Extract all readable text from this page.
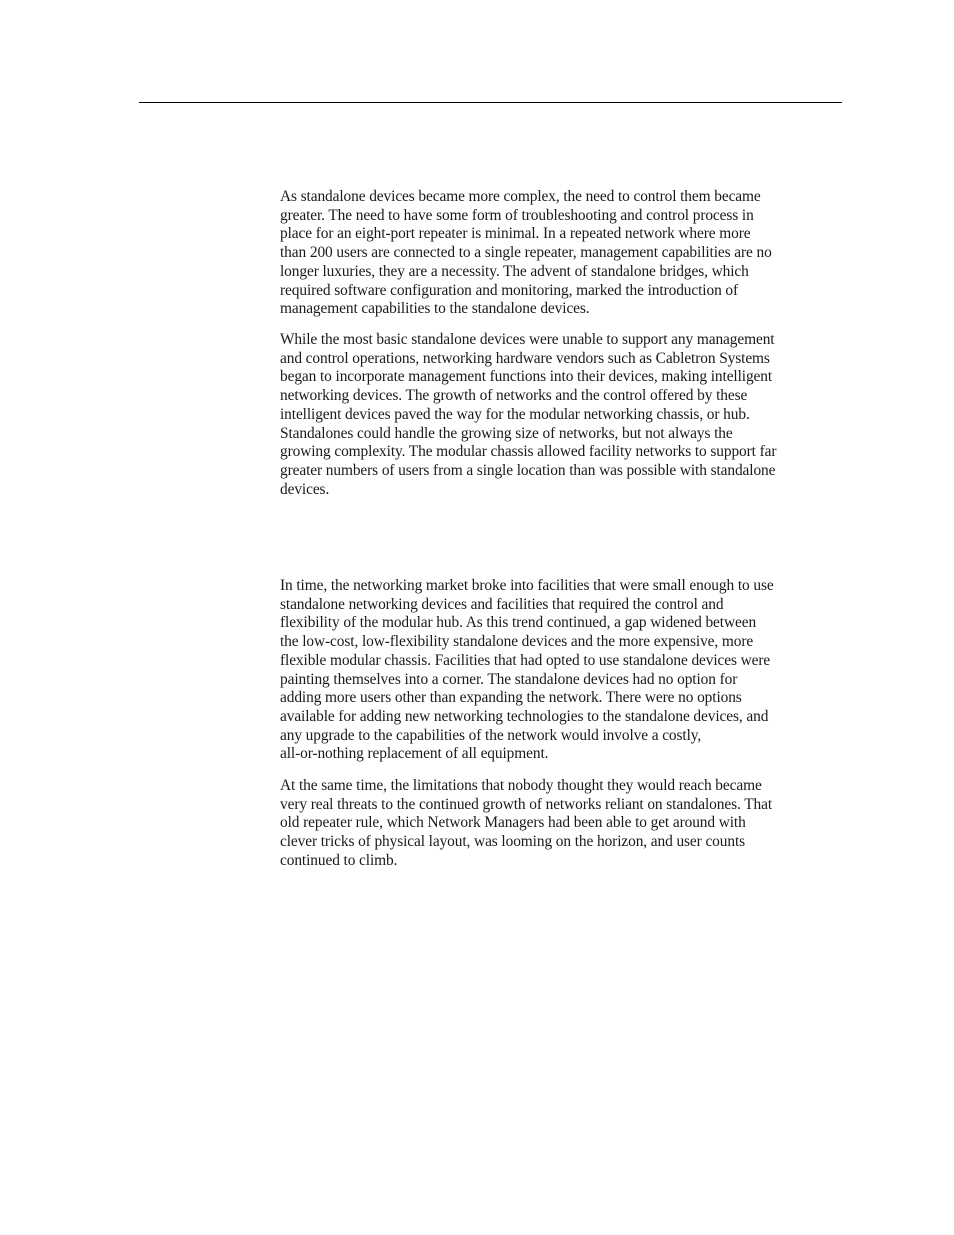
As standalone devices became more complex, the need to control them became
greater. The need to have some form of troubleshooting and control process in
place for an eight-port repeater is minimal. In a repeated network where more
than 200 users are connected to a single repeater, management capabilities are no
longer luxuries, they are a necessity. The advent of standalone bridges, which
required software configuration and monitoring, marked the introduction of
management capabilities to the standalone devices.

While the most basic standalone devices were unable to support any management
and control operations, networking hardware vendors such as Cabletron Systems
began to incorporate management functions into their devices, making intelligent
networking devices. The growth of networks and the control offered by these
intelligent devices paved the way for the modular networking chassis, or hub.
Standalones could handle the growing size of networks, but not always the
growing complexity. The modular chassis allowed facility networks to support far
greater numbers of users from a single location than was possible with standalone
devices.

In time, the networking market broke into facilities that were small enough to use
standalone networking devices and facilities that required the control and
flexibility of the modular hub. As this trend continued, a gap widened between
the low-cost, low-flexibility standalone devices and the more expensive, more
flexible modular chassis. Facilities that had opted to use standalone devices were
painting themselves into a corner. The standalone devices had no option for
adding more users other than expanding the network. There were no options
available for adding new networking technologies to the standalone devices, and
any upgrade to the capabilities of the network would involve a costly,
all-or-nothing replacement of all equipment.

At the same time, the limitations that nobody thought they would reach became
very real threats to the continued growth of networks reliant on standalones. That
old repeater rule, which Network Managers had been able to get around with
clever tricks of physical layout, was looming on the horizon, and user counts
continued to climb.
